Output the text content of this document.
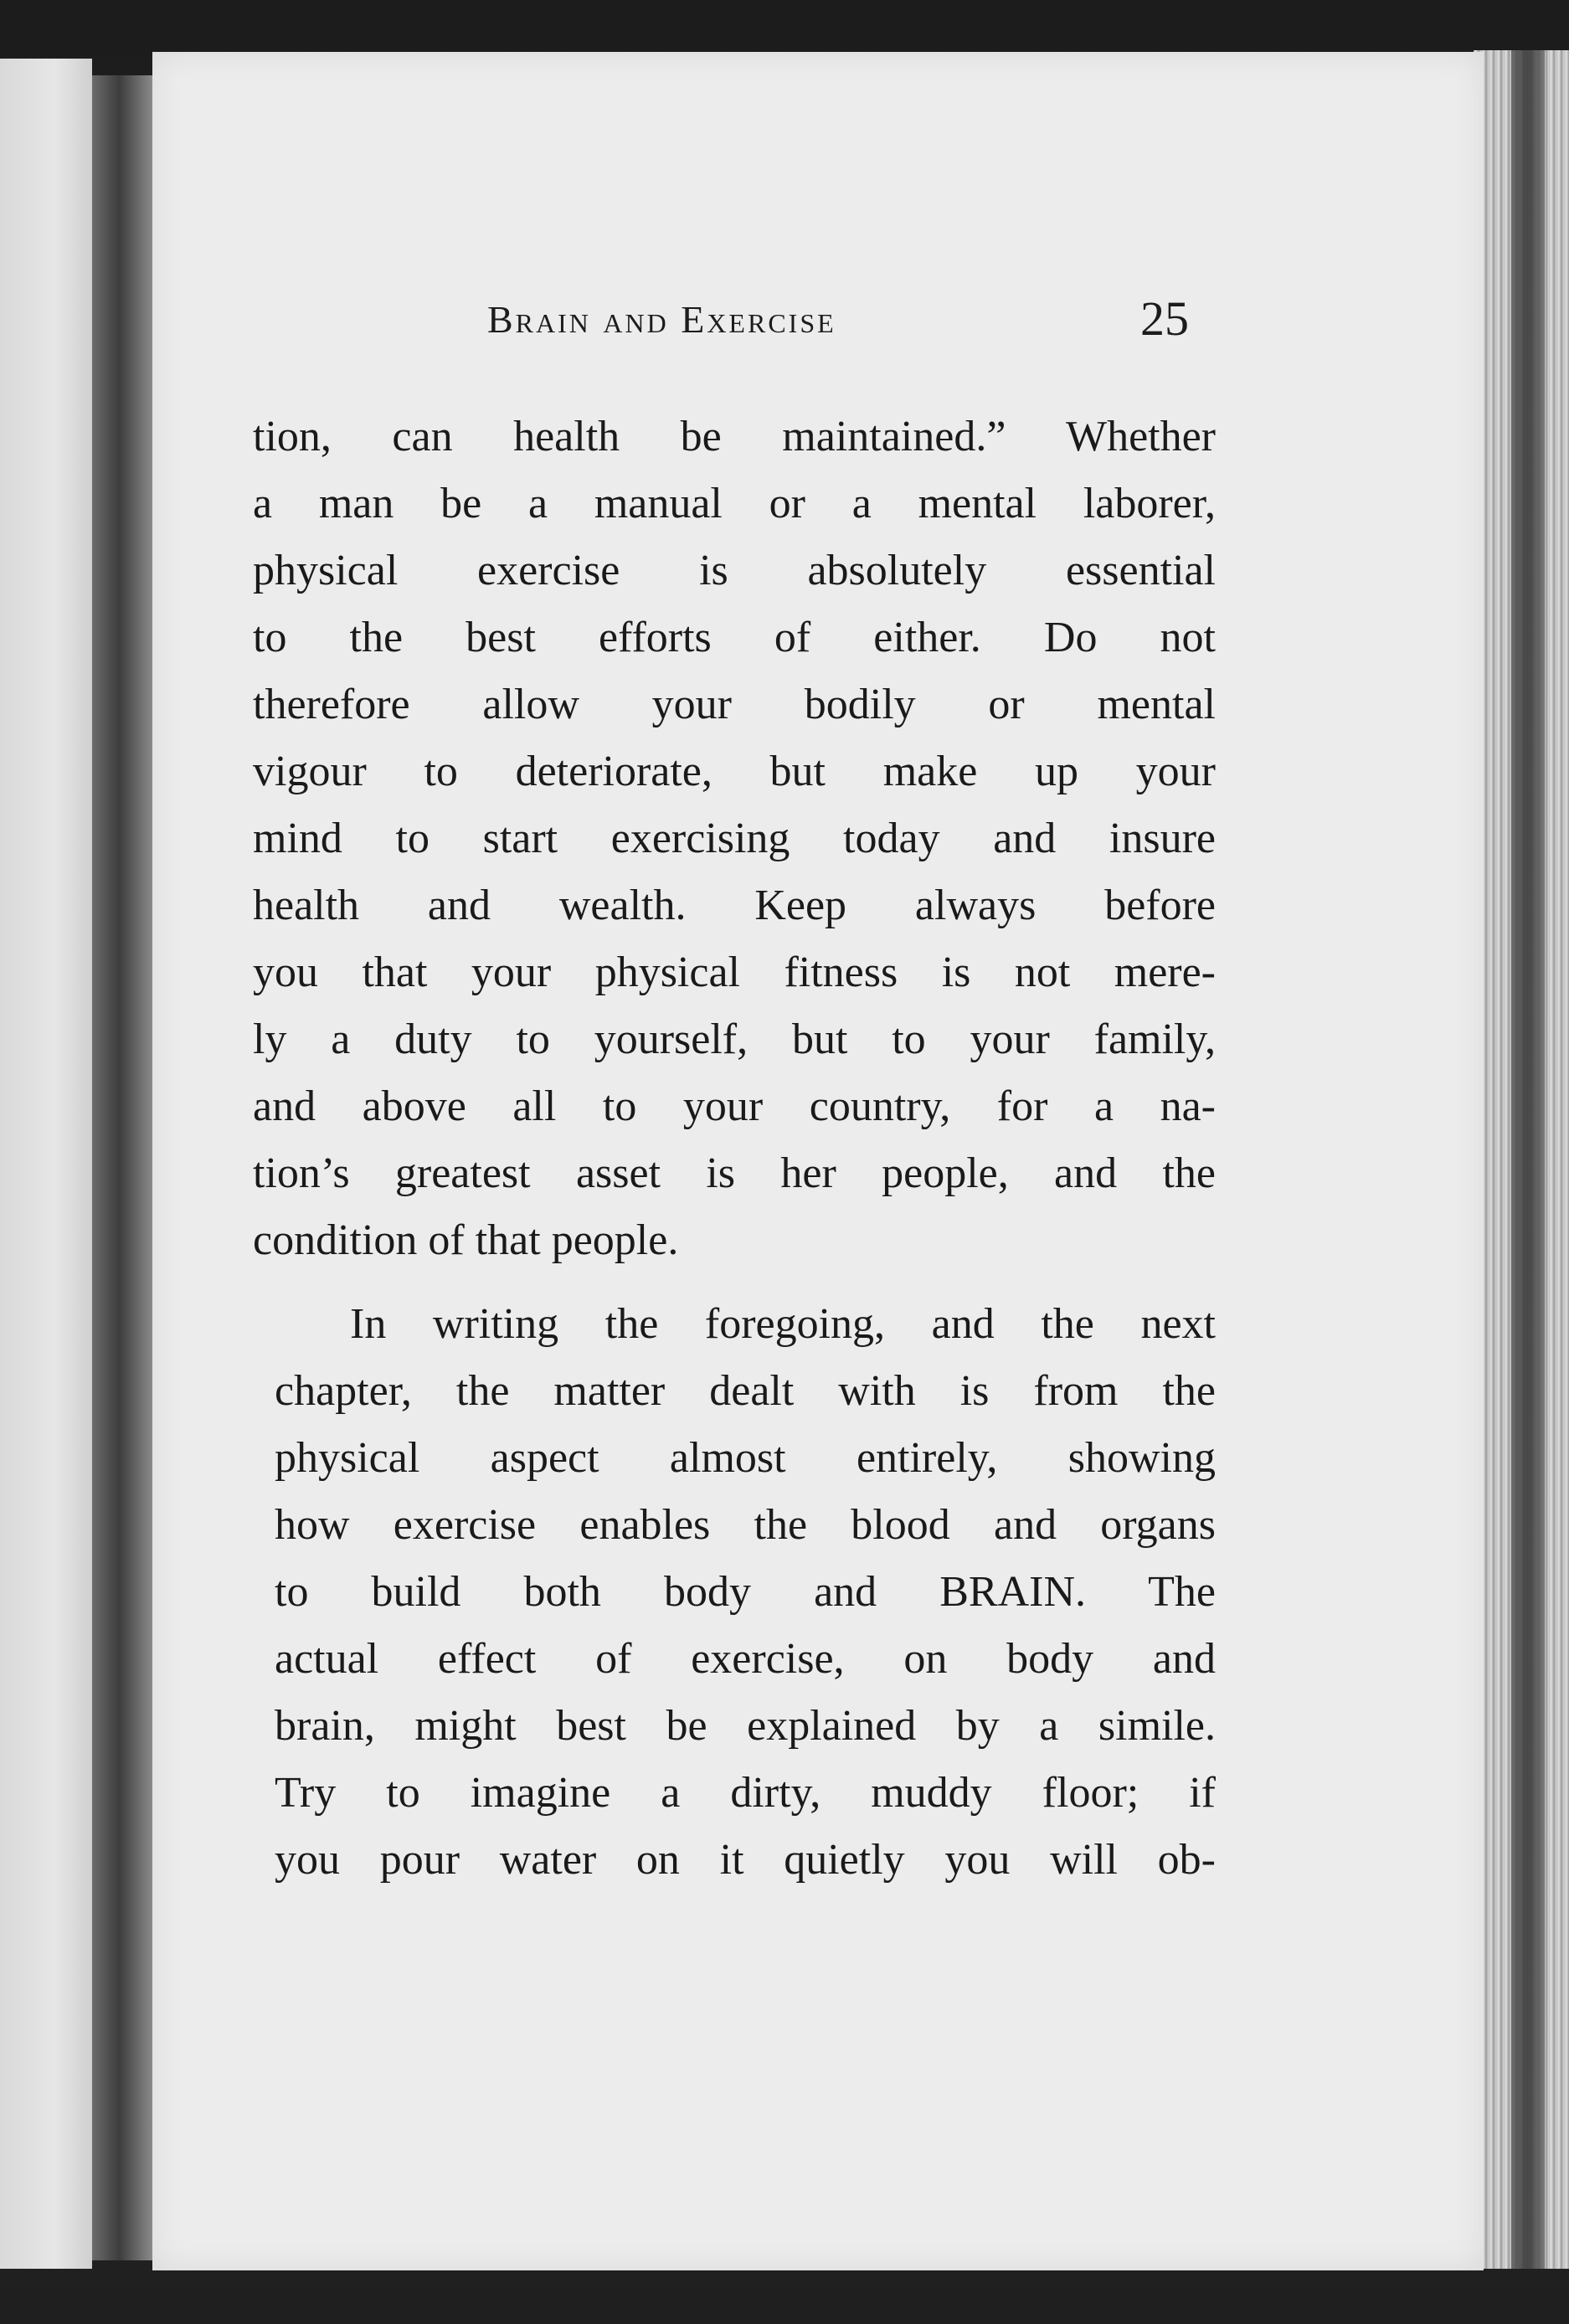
Brain and Exercise	25
tion, can health be maintained.” Whether
a man be a manual or a mental laborer,
physical exercise is absolutely essential
to the best efforts of either. Do not
therefore allow your bodily or mental
vigour to deteriorate, but make up your
mind to start exercising today and insure
health and wealth. Keep always before
you that your physical fitness is not mere-
ly a duty to yourself, but to your family,
and above all to your country, for a na-
tion’s greatest asset is her people, and the
condition of that people.
In writing the foregoing, and the next
chapter, the matter dealt with is from the
physical aspect almost entirely, showing
how exercise enables the blood and organs
to build both body and BRAIN. The
actual effect of exercise, on body and
brain, might best be explained by a simile.
Try to imagine a dirty, muddy floor; if
you pour water on it quietly you will ob-
